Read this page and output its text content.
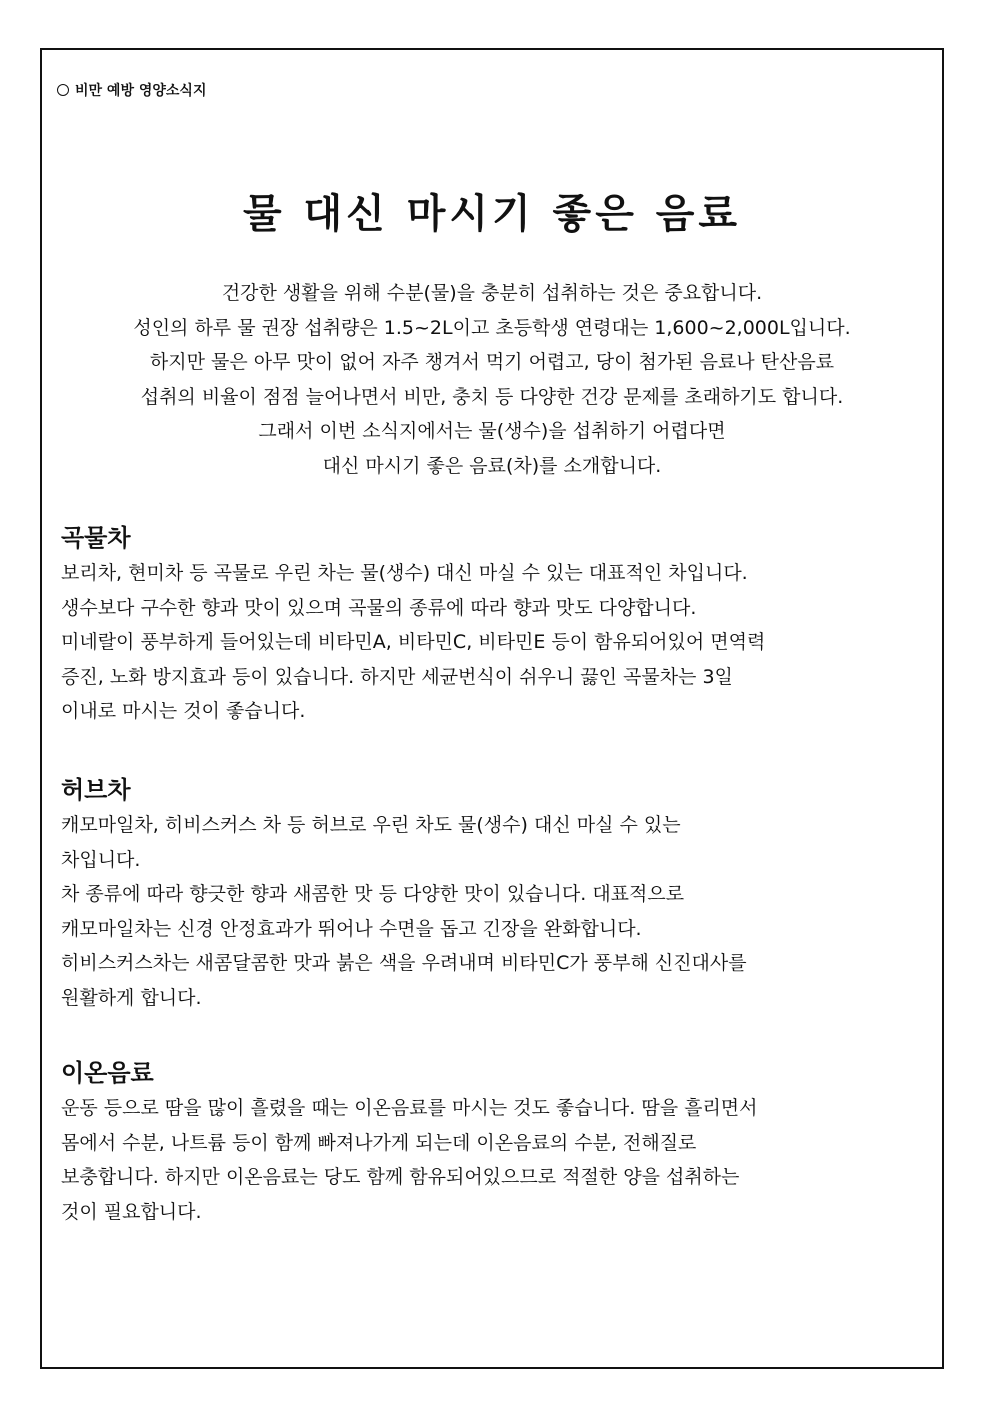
비만 예방 영양소식지
물 대신 마시기 좋은 음료

건강한 생활을 위해 수분(물)을 충분히 섭취하는 것은 중요합니다.

성인의 하루 물 권장 섭취량은 1.5~2L이고 초등학생 연령대는 1,600~2,000L입니다.

하지만 물은 아무 맛이 없어 자주 챙겨서 먹기 어렵고, 당이 첨가된 음료나 탄산음료

섭취의 비율이 점점 늘어나면서 비만, 충치 등 다양한 건강 문제를 초래하기도 합니다.

그래서 이번 소식지에서는 물(생수)을 섭취하기 어렵다면

대신 마시기 좋은 음료(차)를 소개합니다.

곡물차

보리차, 현미차 등 곡물로 우린 차는 물(생수) 대신 마실 수 있는 대표적인 차입니다.

생수보다 구수한 향과 맛이 있으며 곡물의 종류에 따라 향과 맛도 다양합니다.

미네랄이 풍부하게 들어있는데 비타민A, 비타민C, 비타민E 등이 함유되어있어 면역력

증진, 노화 방지효과 등이 있습니다. 하지만 세균번식이 쉬우니 끓인 곡물차는 3일

이내로 마시는 것이 좋습니다.

허브차

캐모마일차, 히비스커스 차 등 허브로 우린 차도 물(생수) 대신 마실 수 있는

차입니다.

차 종류에 따라 향긋한 향과 새콤한 맛 등 다양한 맛이 있습니다. 대표적으로

캐모마일차는 신경 안정효과가 뛰어나 수면을 돕고 긴장을 완화합니다.

히비스커스차는 새콤달콤한 맛과 붉은 색을 우려내며 비타민C가 풍부해 신진대사를

원활하게 합니다.

이온음료

운동 등으로 땀을 많이 흘렸을 때는 이온음료를 마시는 것도 좋습니다. 땀을 흘리면서

몸에서 수분, 나트륨 등이 함께 빠져나가게 되는데 이온음료의 수분, 전해질로

보충합니다. 하지만 이온음료는 당도 함께 함유되어있으므로 적절한 양을 섭취하는

것이 필요합니다.
